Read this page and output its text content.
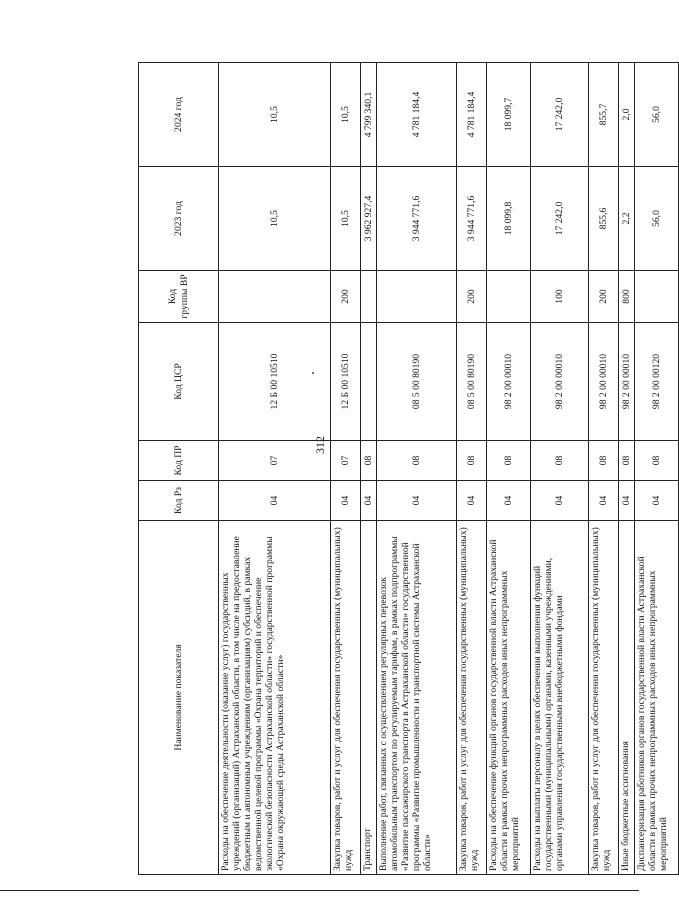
312
Наименование показателя	Код Рз	Код ПР	Код ЦСР	Код группы ВР	2023 год	2024 год
Расходы на обеспечение деятельности (оказание услуг) государственных учреждений (организаций) Астраханской области, в том числе на предоставление бюджетным и автономным учреждениям (организациям) субсидий, в рамках ведомственной целевой программы «Охрана территорий и обеспечение экологической безопасности Астраханской области» государственной программы «Охрана окружающей среды Астраханской области»	04	07	12 Б 00 10510		10,5	10,5
Закупка товаров, работ и услуг для обеспечения государственных (муниципальных) нужд	04	07	12 Б 00 10510	200	10,5	10,5
Транспорт	04	08			3 962 927,4	4 799 340,1
Выполнение работ, связанных с осуществлением регулярных перевозок автомобильным транспортом по регулируемым тарифам, в рамках подпрограммы «Развитие пассажирского транспорта в Астраханской области» государственной программы «Развитие промышленности и транспортной системы Астраханской области»	04	08	08 5 00 80190		3 944 771,6	4 781 184,4
Закупка товаров, работ и услуг для обеспечения государственных (муниципальных) нужд	04	08	08 5 00 80190	200	3 944 771,6	4 781 184,4
Расходы на обеспечение функций органов государственной власти Астраханской области в рамках прочих непрограммных расходов иных непрограммных мероприятий	04	08	98 2 00 00010		18 099,8	18 099,7
Расходы на выплаты персоналу в целях обеспечения выполнения функций государственными (муниципальными) органами, казенными учреждениями, органами управления государственными внебюджетными фондами	04	08	98 2 00 00010	100	17 242,0	17 242,0
Закупка товаров, работ и услуг для обеспечения государственных (муниципальных) нужд	04	08	98 2 00 00010	200	855,6	855,7
Иные бюджетные ассигнования	04	08	98 2 00 00010	800	2,2	2,0
Диспансеризация работников органов государственной власти Астраханской области в рамках прочих непрограммных расходов иных непрограммных мероприятий	04	08	98 2 00 00120		56,0	56,0
